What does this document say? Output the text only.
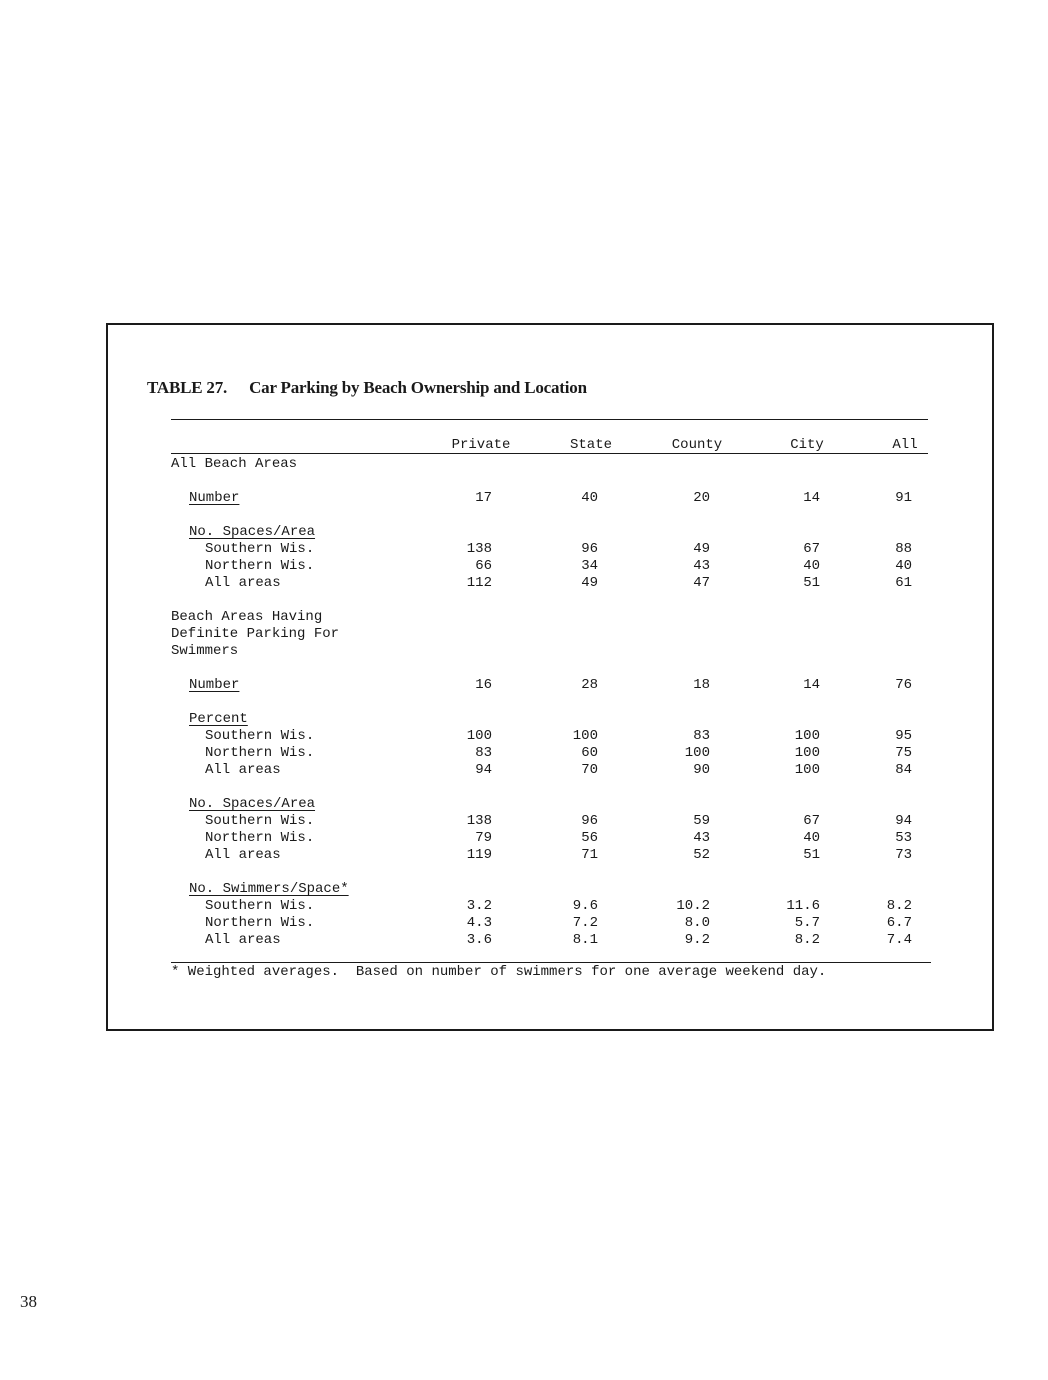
TABLE 27. Car Parking by Beach Ownership and Location
Private	State	County	City	All
All Beach Areas
Number	17	40	20	14	91
No. Spaces/Area
Southern Wis.	138	96	49	67	88
Northern Wis.	66	34	43	40	40
All areas	112	49	47	51	61
Beach Areas Having
Definite Parking For
Swimmers
Number	16	28	18	14	76
Percent
Southern Wis.	100	100	83	100	95
Northern Wis.	83	60	100	100	75
All areas	94	70	90	100	84
No. Spaces/Area
Southern Wis.	138	96	59	67	94
Northern Wis.	79	56	43	40	53
All areas	119	71	52	51	73
No. Swimmers/Space*
Southern Wis.	3.2	9.6	10.2	11.6	8.2
Northern Wis.	4.3	7.2	8.0	5.7	6.7
All areas	3.6	8.1	9.2	8.2	7.4
* Weighted averages.  Based on number of swimmers for one average weekend day.
38
